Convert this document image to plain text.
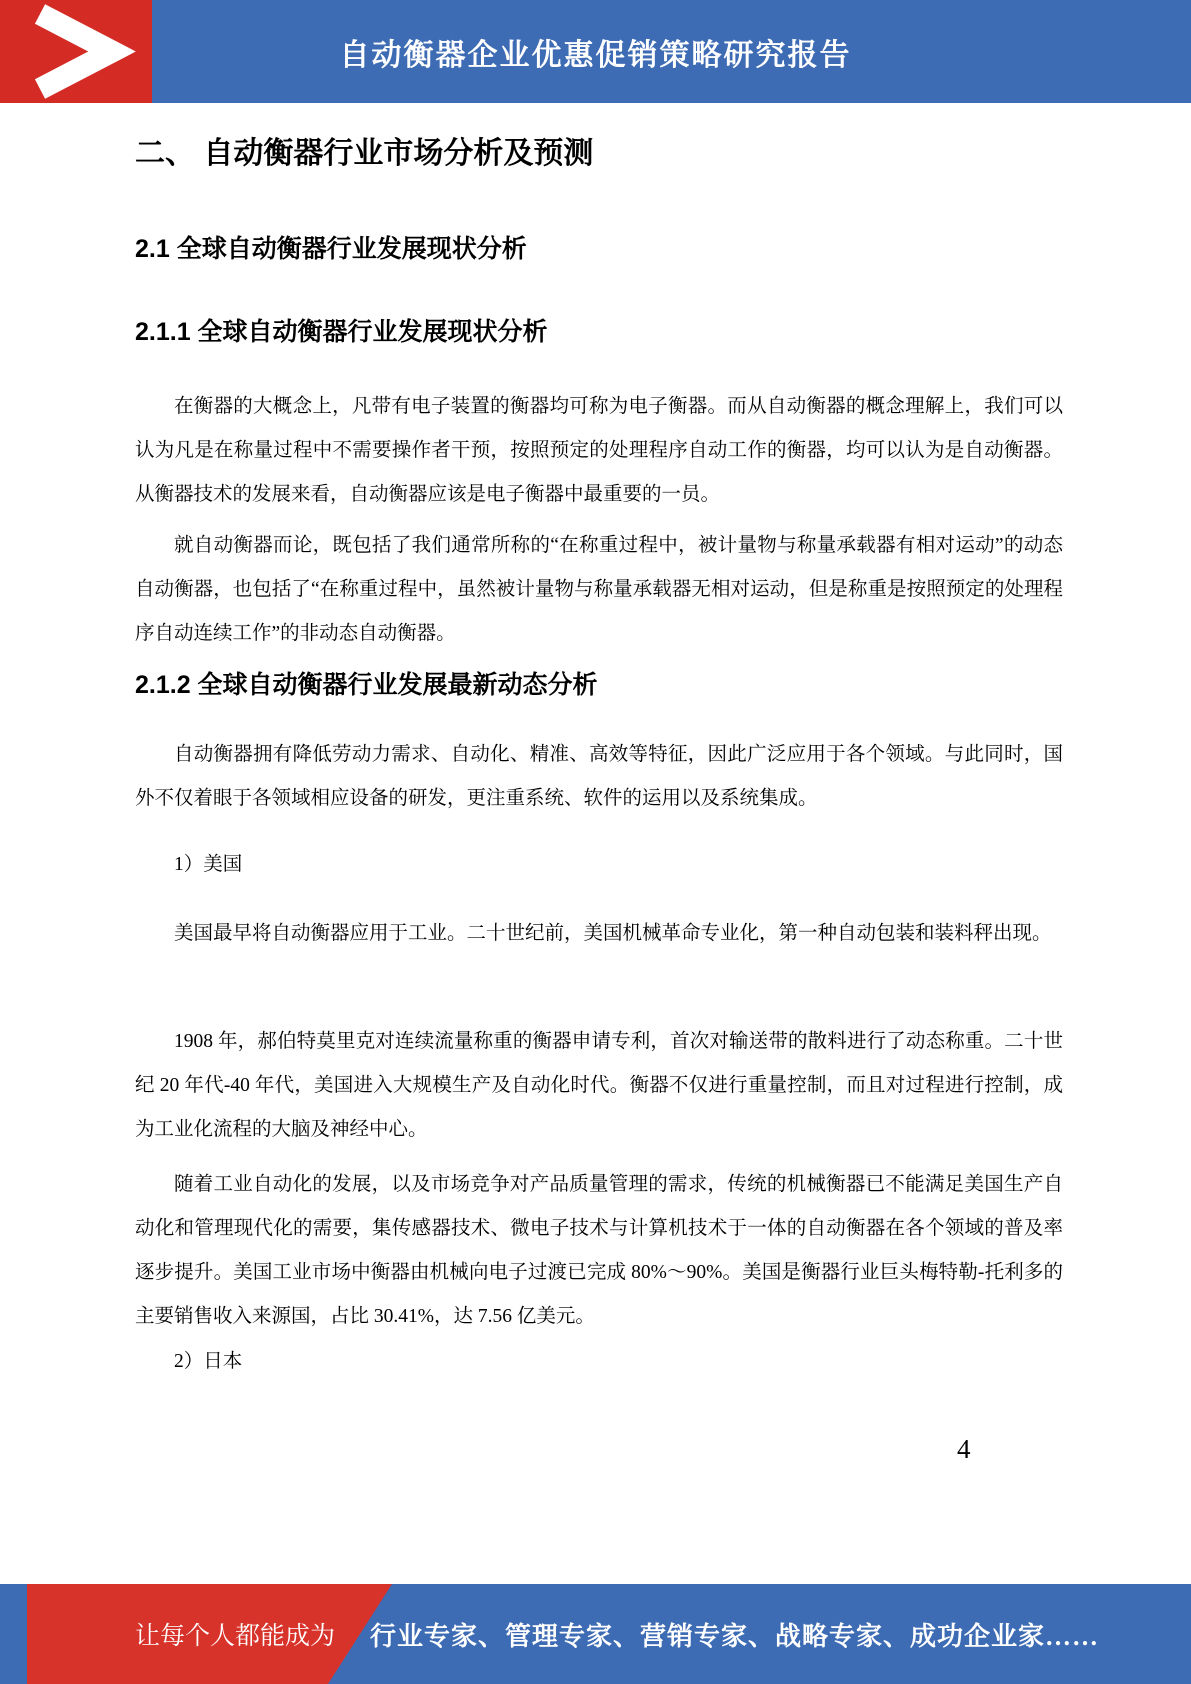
自动衡器企业优惠促销策略研究报告
二、 自动衡器行业市场分析及预测
2.1 全球自动衡器行业发展现状分析
2.1.1 全球自动衡器行业发展现状分析
在衡器的大概念上，凡带有电子装置的衡器均可称为电子衡器。而从自动衡器的概念理解上，我们可以认为凡是在称量过程中不需要操作者干预，按照预定的处理程序自动工作的衡器，均可以认为是自动衡器。从衡器技术的发展来看，自动衡器应该是电子衡器中最重要的一员。
就自动衡器而论，既包括了我们通常所称的“在称重过程中，被计量物与称量承载器有相对运动”的动态自动衡器，也包括了“在称重过程中，虽然被计量物与称量承载器无相对运动，但是称重是按照预定的处理程序自动连续工作”的非动态自动衡器。
2.1.2 全球自动衡器行业发展最新动态分析
自动衡器拥有降低劳动力需求、自动化、精准、高效等特征，因此广泛应用于各个领域。与此同时，国外不仅着眼于各领域相应设备的研发，更注重系统、软件的运用以及系统集成。
1）美国
美国最早将自动衡器应用于工业。二十世纪前，美国机械革命专业化，第一种自动包装和装料秤出现。
1908 年，郝伯特莫里克对连续流量称重的衡器申请专利，首次对输送带的散料进行了动态称重。二十世纪 20 年代-40 年代，美国进入大规模生产及自动化时代。衡器不仅进行重量控制，而且对过程进行控制，成为工业化流程的大脑及神经中心。
随着工业自动化的发展，以及市场竞争对产品质量管理的需求，传统的机械衡器已不能满足美国生产自动化和管理现代化的需要，集传感器技术、微电子技术与计算机技术于一体的自动衡器在各个领域的普及率逐步提升。美国工业市场中衡器由机械向电子过渡已完成 80%～90%。美国是衡器行业巨头梅特勒-托利多的主要销售收入来源国，占比 30.41%，达 7.56 亿美元。
2）日本
4
让每个人都能成为 行业专家、管理专家、营销专家、战略专家、成功企业家……
